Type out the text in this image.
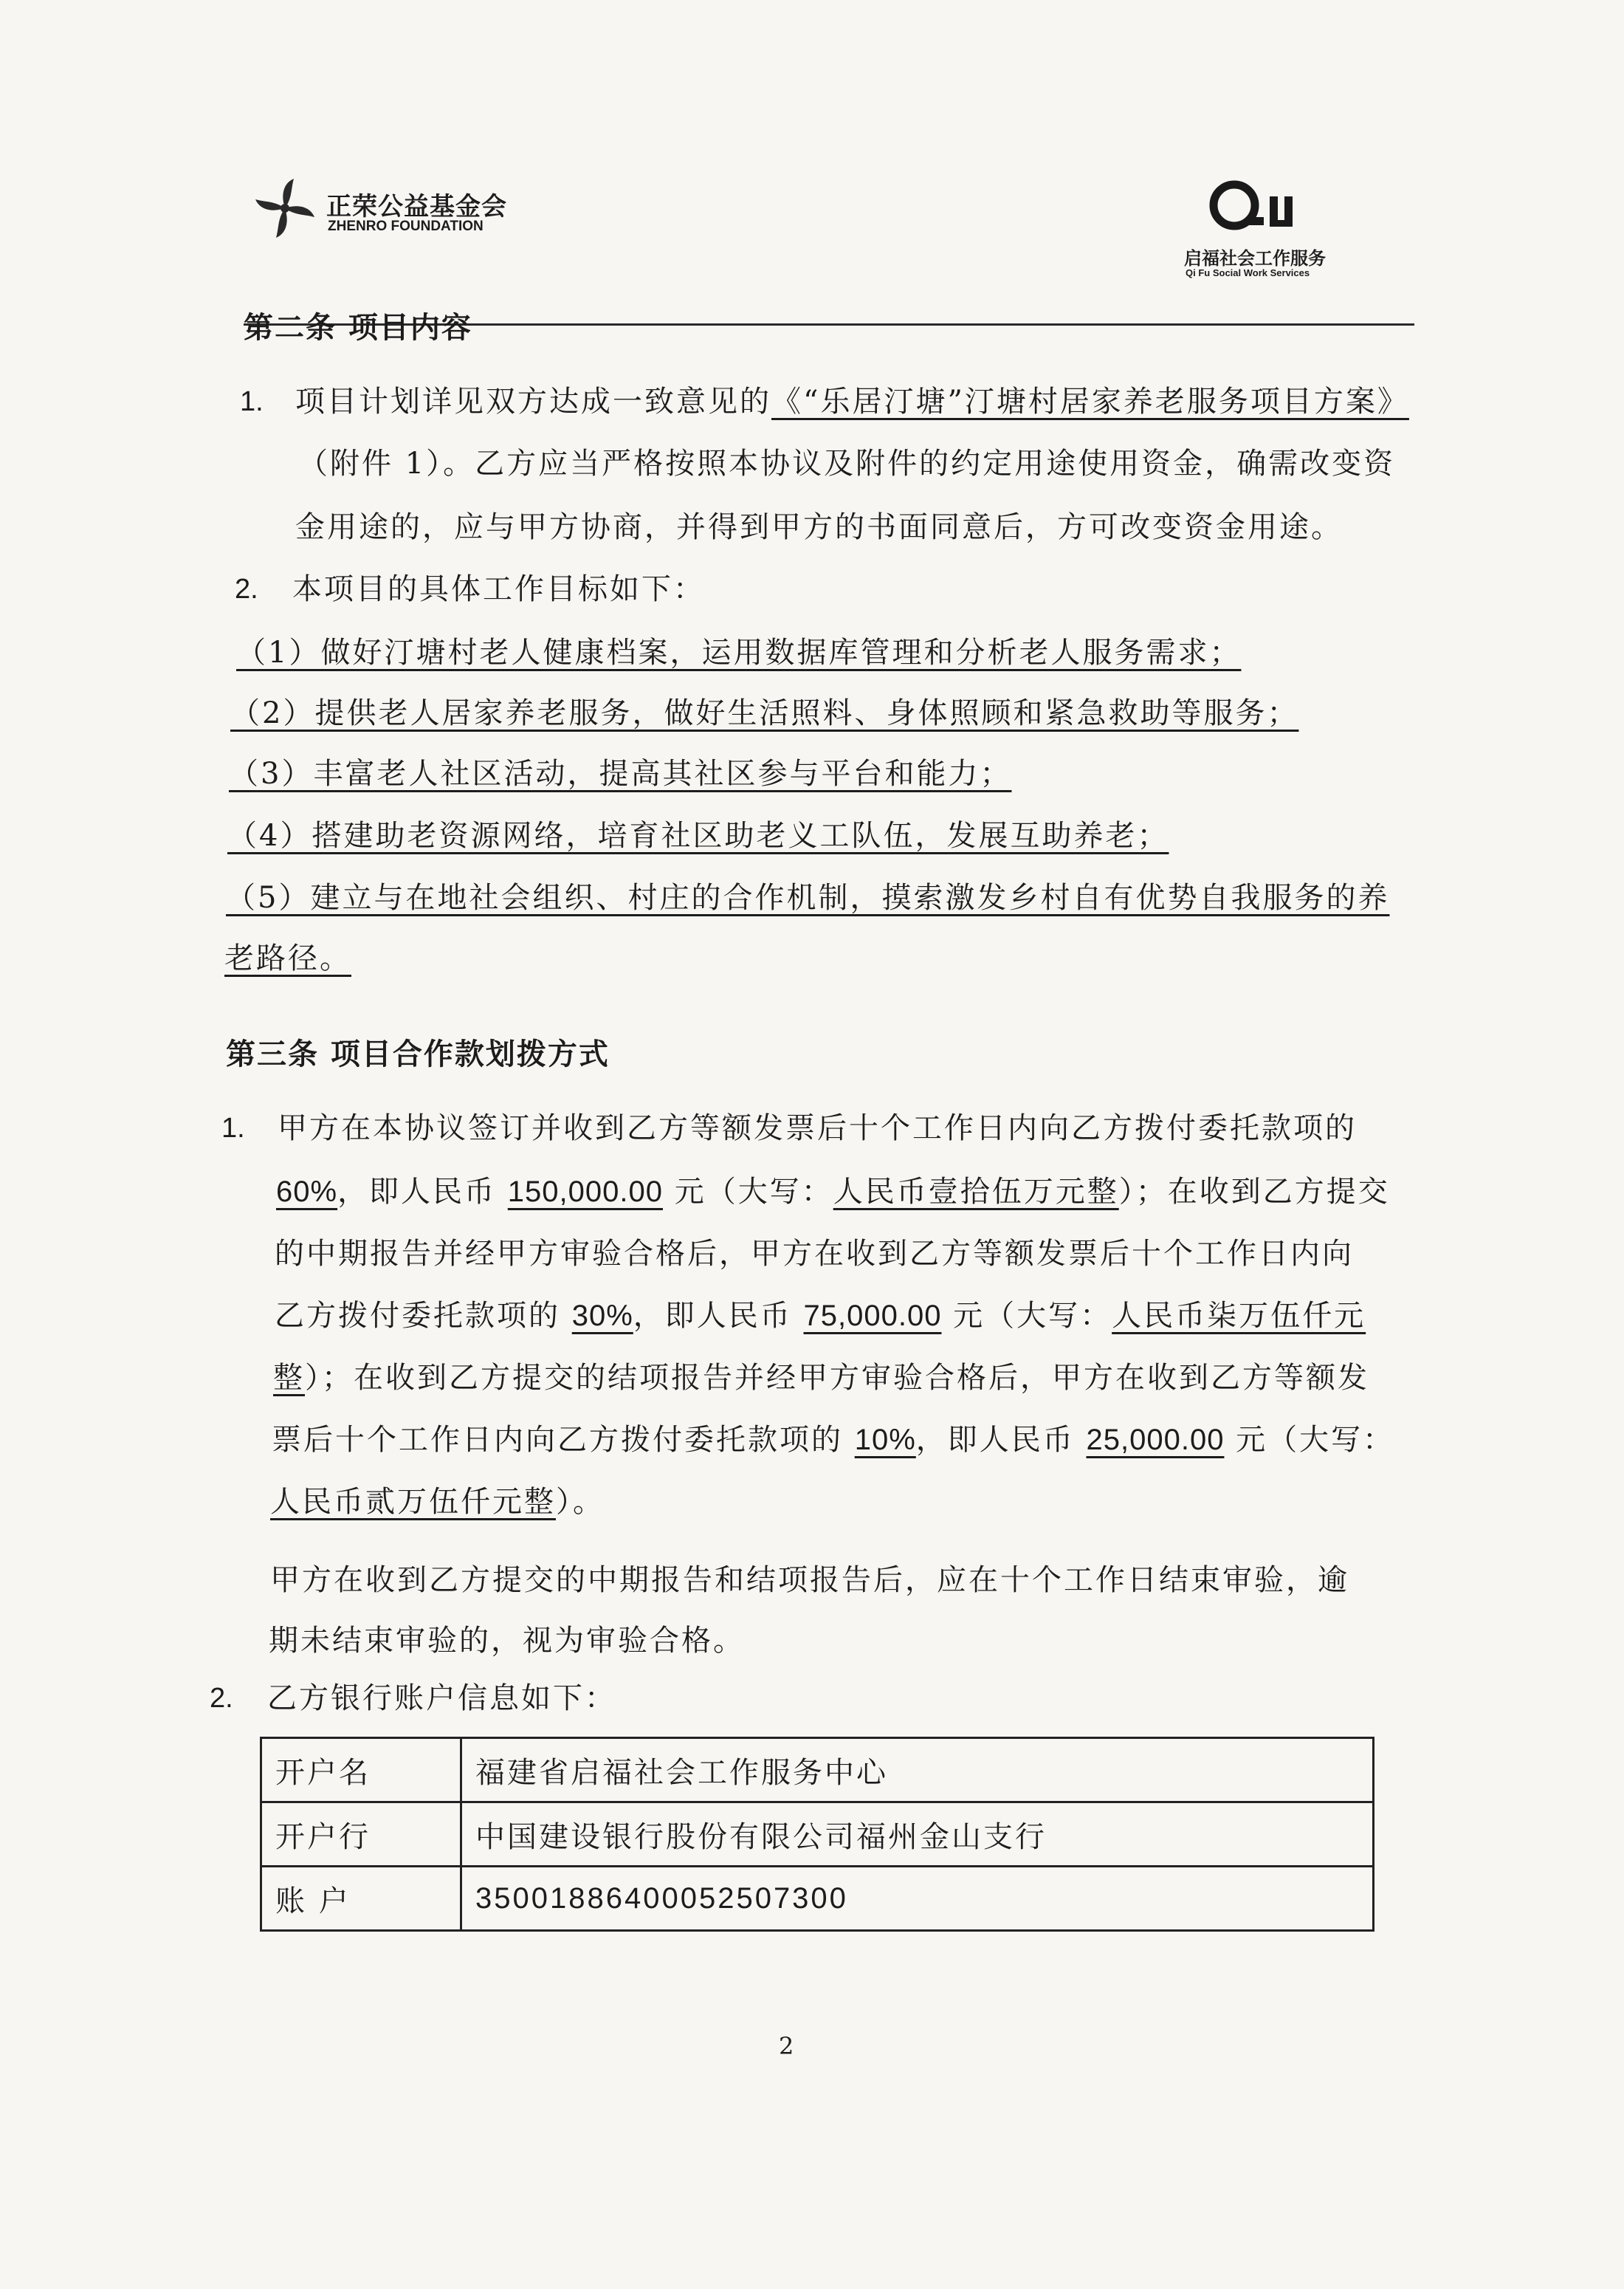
正荣公益基金会
ZHENRO FOUNDATION
启福社会工作服务
Qi Fu Social Work Services
第二条 项目内容
1. 项目计划详见双方达成一致意见的《“乐居汀塘”汀塘村居家养老服务项目方案》
（附件 1）。乙方应当严格按照本协议及附件的约定用途使用资金，确需改变资
金用途的，应与甲方协商，并得到甲方的书面同意后，方可改变资金用途。
2. 本项目的具体工作目标如下：
（1）做好汀塘村老人健康档案，运用数据库管理和分析老人服务需求；
（2）提供老人居家养老服务，做好生活照料、身体照顾和紧急救助等服务；
（3）丰富老人社区活动，提高其社区参与平台和能力；
（4）搭建助老资源网络，培育社区助老义工队伍，发展互助养老；
（5）建立与在地社会组织、村庄的合作机制，摸索激发乡村自有优势自我服务的养
老路径。
第三条 项目合作款划拨方式
1. 甲方在本协议签订并收到乙方等额发票后十个工作日内向乙方拨付委托款项的
60%，即人民币 150,000.00 元（大写：人民币壹拾伍万元整）；在收到乙方提交
的中期报告并经甲方审验合格后，甲方在收到乙方等额发票后十个工作日内向
乙方拨付委托款项的 30%，即人民币 75,000.00 元（大写：人民币柒万伍仟元
整）；在收到乙方提交的结项报告并经甲方审验合格后，甲方在收到乙方等额发
票后十个工作日内向乙方拨付委托款项的 10%，即人民币 25,000.00 元（大写：
人民币贰万伍仟元整）。
甲方在收到乙方提交的中期报告和结项报告后，应在十个工作日结束审验，逾
期未结束审验的，视为审验合格。
2. 乙方银行账户信息如下：
开户名	福建省启福社会工作服务中心
开户行	中国建设银行股份有限公司福州金山支行
账 户	35001886400052507300
2
